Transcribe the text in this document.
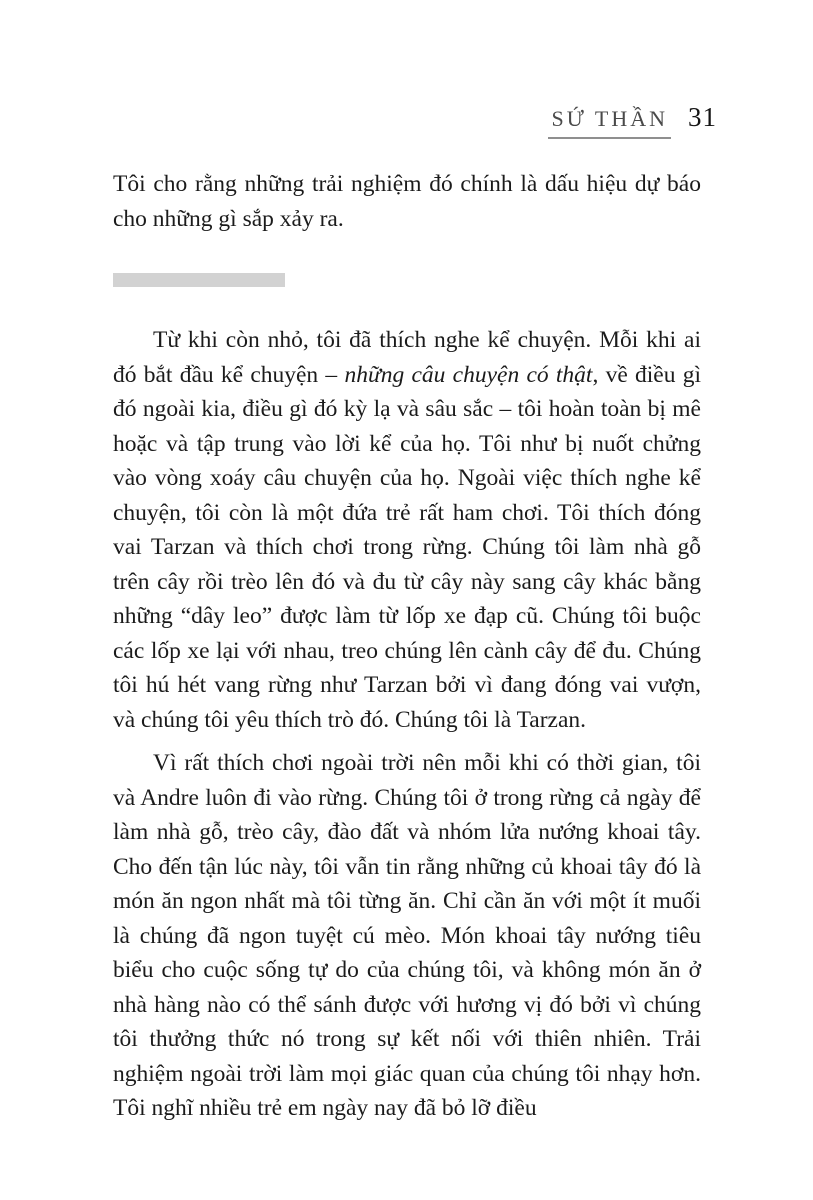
SỨ THẦN 31

Tôi cho rằng những trải nghiệm đó chính là dấu hiệu dự báo cho những gì sắp xảy ra.

Từ khi còn nhỏ, tôi đã thích nghe kể chuyện. Mỗi khi ai đó bắt đầu kể chuyện – những câu chuyện có thật, về điều gì đó ngoài kia, điều gì đó kỳ lạ và sâu sắc – tôi hoàn toàn bị mê hoặc và tập trung vào lời kể của họ. Tôi như bị nuốt chửng vào vòng xoáy câu chuyện của họ. Ngoài việc thích nghe kể chuyện, tôi còn là một đứa trẻ rất ham chơi. Tôi thích đóng vai Tarzan và thích chơi trong rừng. Chúng tôi làm nhà gỗ trên cây rồi trèo lên đó và đu từ cây này sang cây khác bằng những “dây leo” được làm từ lốp xe đạp cũ. Chúng tôi buộc các lốp xe lại với nhau, treo chúng lên cành cây để đu. Chúng tôi hú hét vang rừng như Tarzan bởi vì đang đóng vai vượn, và chúng tôi yêu thích trò đó. Chúng tôi là Tarzan.

Vì rất thích chơi ngoài trời nên mỗi khi có thời gian, tôi và Andre luôn đi vào rừng. Chúng tôi ở trong rừng cả ngày để làm nhà gỗ, trèo cây, đào đất và nhóm lửa nướng khoai tây. Cho đến tận lúc này, tôi vẫn tin rằng những củ khoai tây đó là món ăn ngon nhất mà tôi từng ăn. Chỉ cần ăn với một ít muối là chúng đã ngon tuyệt cú mèo. Món khoai tây nướng tiêu biểu cho cuộc sống tự do của chúng tôi, và không món ăn ở nhà hàng nào có thể sánh được với hương vị đó bởi vì chúng tôi thưởng thức nó trong sự kết nối với thiên nhiên. Trải nghiệm ngoài trời làm mọi giác quan của chúng tôi nhạy hơn. Tôi nghĩ nhiều trẻ em ngày nay đã bỏ lỡ điều
